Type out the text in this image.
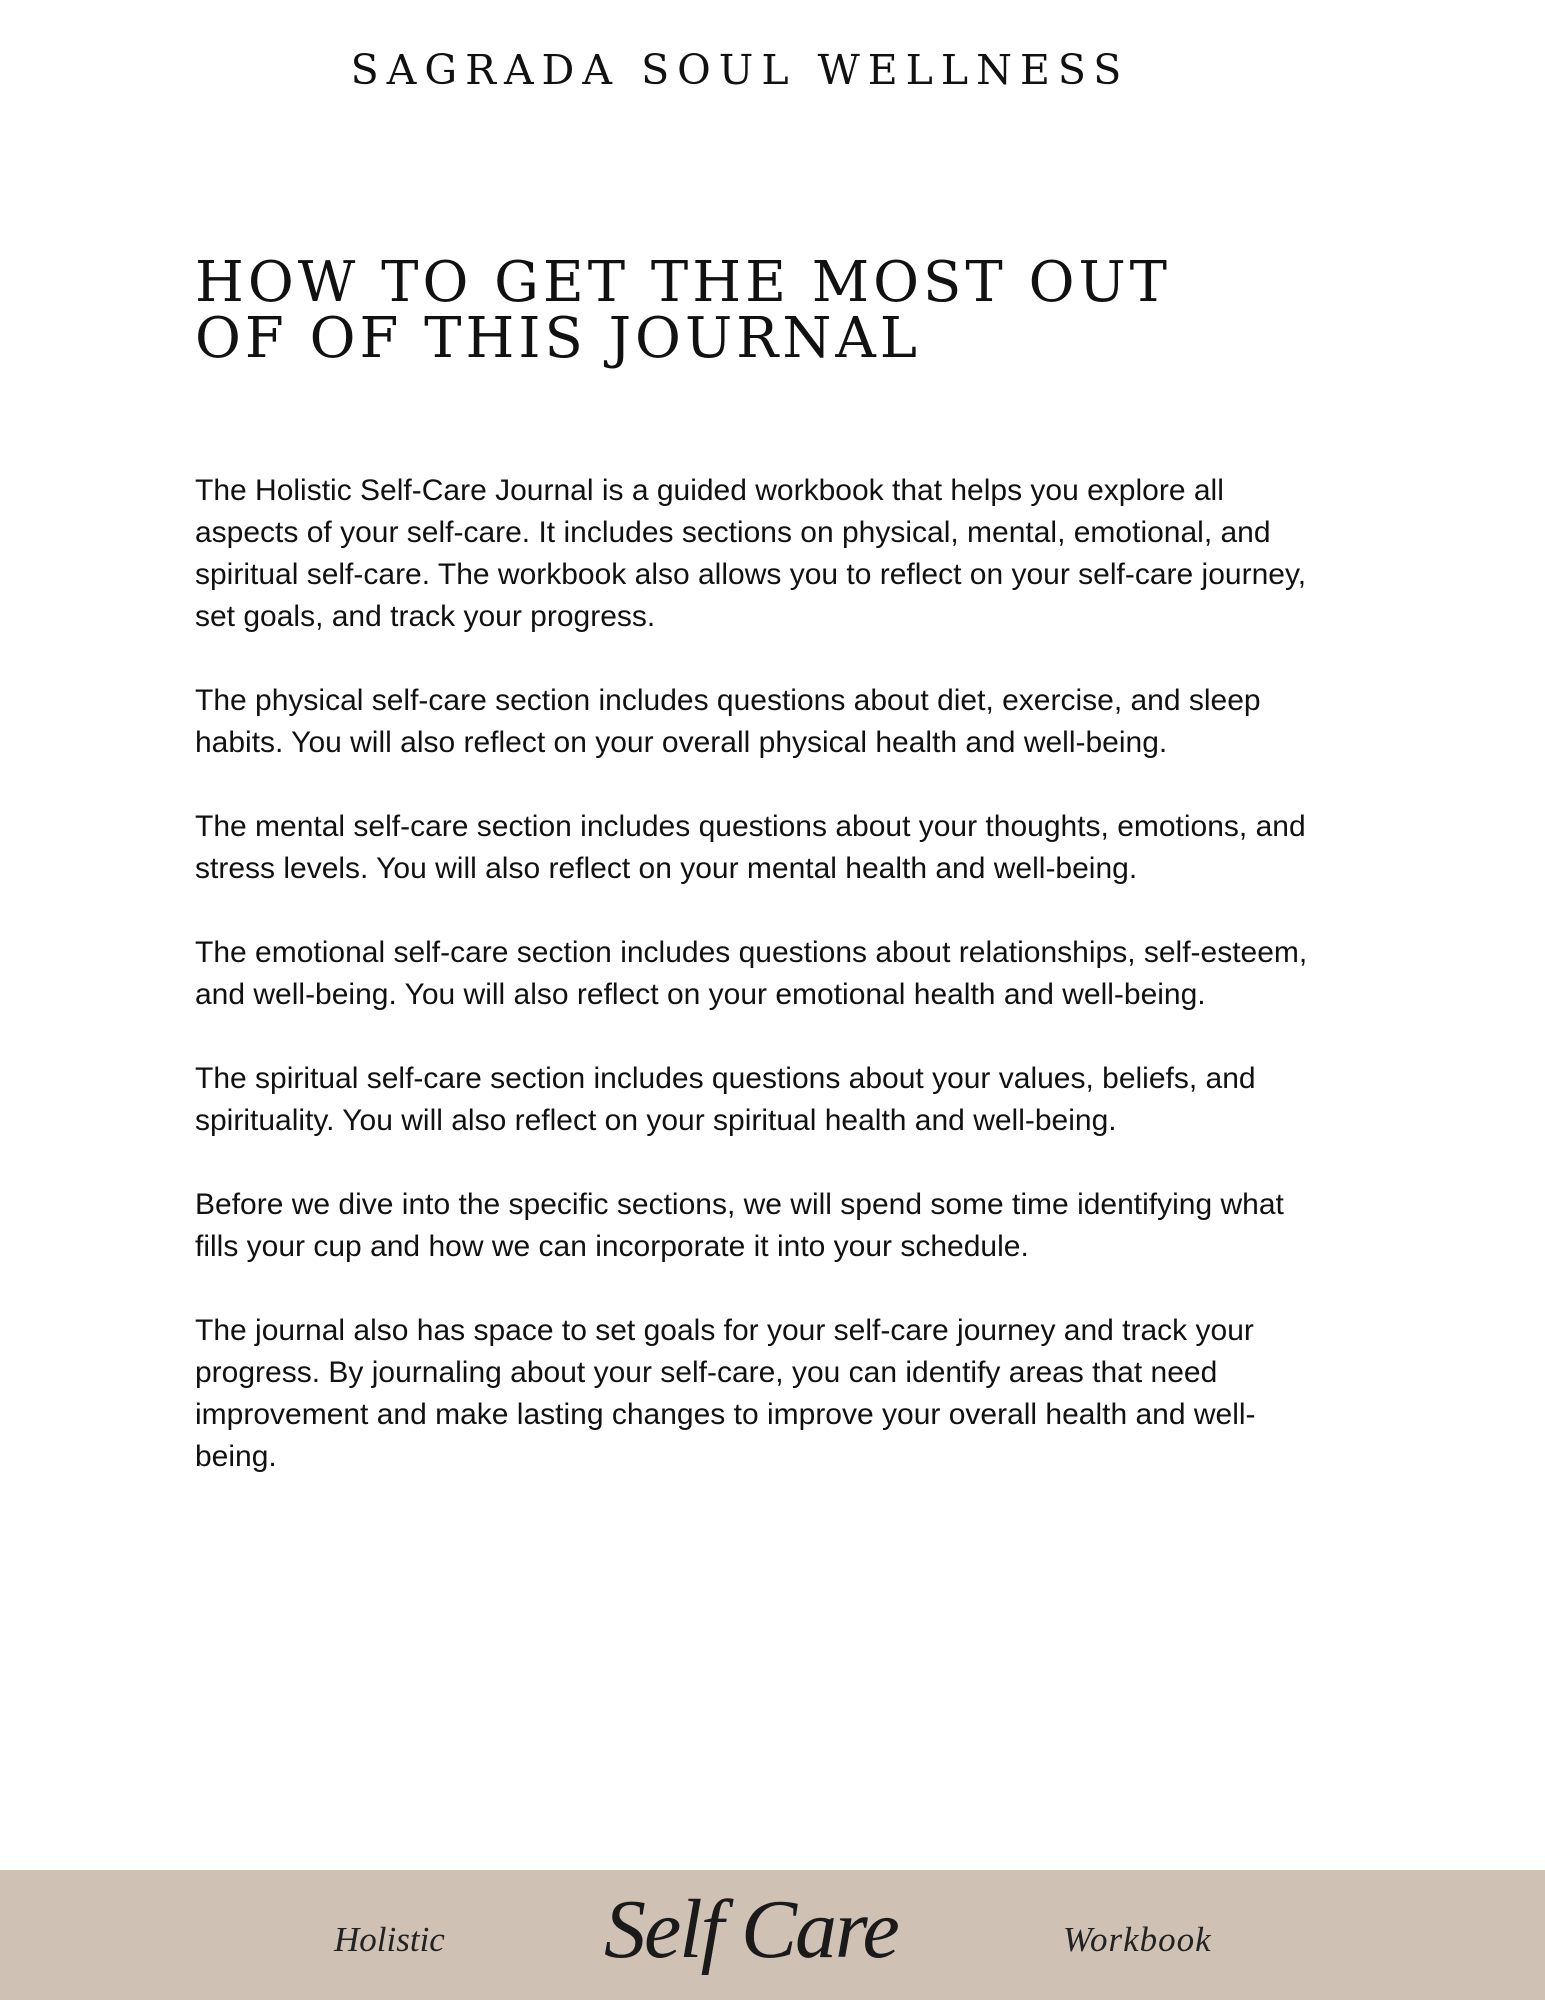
SAGRADA SOUL WELLNESS
HOW TO GET THE MOST OUT
OF OF THIS JOURNAL

The Holistic Self-Care Journal is a guided workbook that helps you explore all aspects of your self-care. It includes sections on physical, mental, emotional, and spiritual self-care. The workbook also allows you to reflect on your self-care journey, set goals, and track your progress.

The physical self-care section includes questions about diet, exercise, and sleep habits. You will also reflect on your overall physical health and well-being.

The mental self-care section includes questions about your thoughts, emotions, and stress levels. You will also reflect on your mental health and well-being.

The emotional self-care section includes questions about relationships, self-esteem, and well-being. You will also reflect on your emotional health and well-being.

The spiritual self-care section includes questions about your values, beliefs, and spirituality. You will also reflect on your spiritual health and well-being.

Before we dive into the specific sections, we will spend some time identifying what fills your cup and how we can incorporate it into your schedule.

The journal also has space to set goals for your self-care journey and track your progress. By journaling about your self-care, you can identify areas that need improvement and make lasting changes to improve your overall health and well-being.

Holistic Self Care	Workbook
